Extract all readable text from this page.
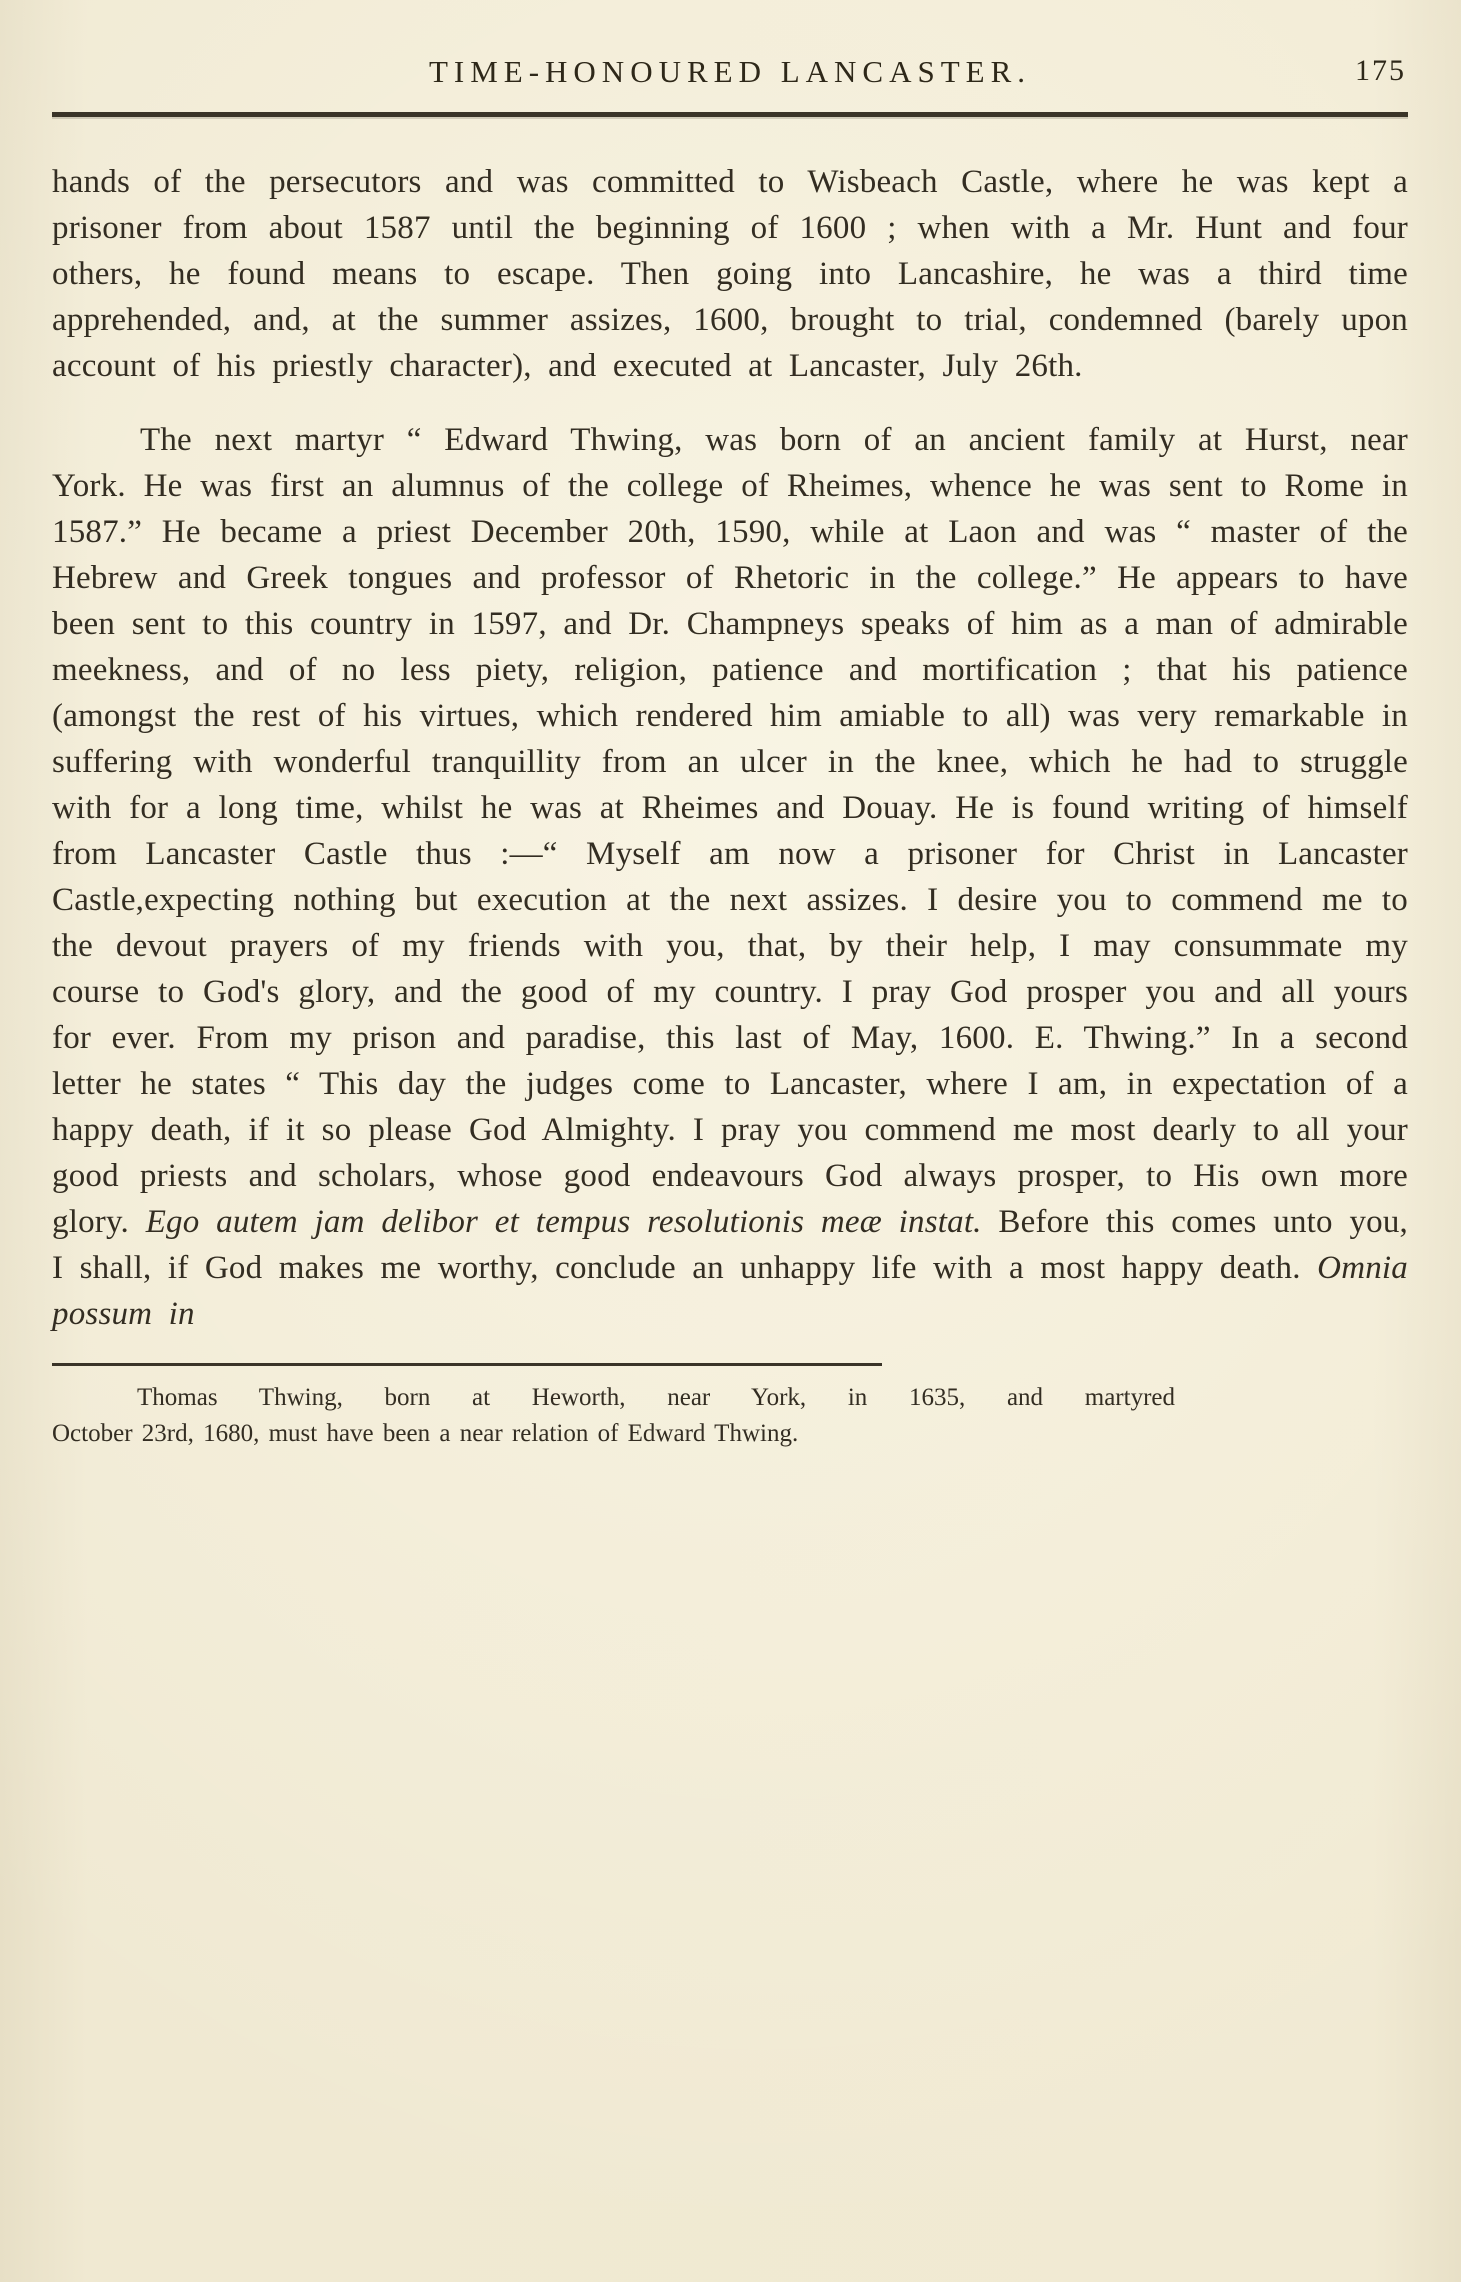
TIME-HONOURED LANCASTER.	175

hands of the persecutors and was committed to Wisbeach Castle, where he was kept a prisoner from about 1587 until the beginning of 1600 ; when with a Mr. Hunt and four others, he found means to escape. Then going into Lancashire, he was a third time apprehended, and, at the summer assizes, 1600, brought to trial, condemned (barely upon account of his priestly character), and executed at Lancaster, July 26th.

The next martyr “ Edward Thwing, was born of an ancient family at Hurst, near York. He was first an alumnus of the college of Rheimes, whence he was sent to Rome in 1587.” He became a priest December 20th, 1590, while at Laon and was “ master of the Hebrew and Greek tongues and professor of Rhetoric in the college.” He appears to have been sent to this country in 1597, and Dr. Champneys speaks of him as a man of admirable meekness, and of no less piety, religion, patience and mortification ; that his patience (amongst the rest of his virtues, which rendered him amiable to all) was very remarkable in suffering with wonderful tranquillity from an ulcer in the knee, which he had to struggle with for a long time, whilst he was at Rheimes and Douay. He is found writing of himself from Lancaster Castle thus :—“ Myself am now a prisoner for Christ in Lancaster Castle,expecting nothing but execution at the next assizes. I desire you to commend me to the devout prayers of my friends with you, that, by their help, I may consummate my course to God's glory, and the good of my country. I pray God prosper you and all yours for ever. From my prison and paradise, this last of May, 1600. E. Thwing.” In a second letter he states “ This day the judges come to Lancaster, where I am, in expectation of a happy death, if it so please God Almighty. I pray you commend me most dearly to all your good priests and scholars, whose good endeavours God always prosper, to His own more glory. Ego autem jam delibor et tempus resolutionis meæ instat. Before this comes unto you, I shall, if God makes me worthy, conclude an unhappy life with a most happy death. Omnia possum in

Thomas Thwing, born at Heworth, near York, in 1635, and martyred
October 23rd, 1680, must have been a near relation of Edward Thwing.
